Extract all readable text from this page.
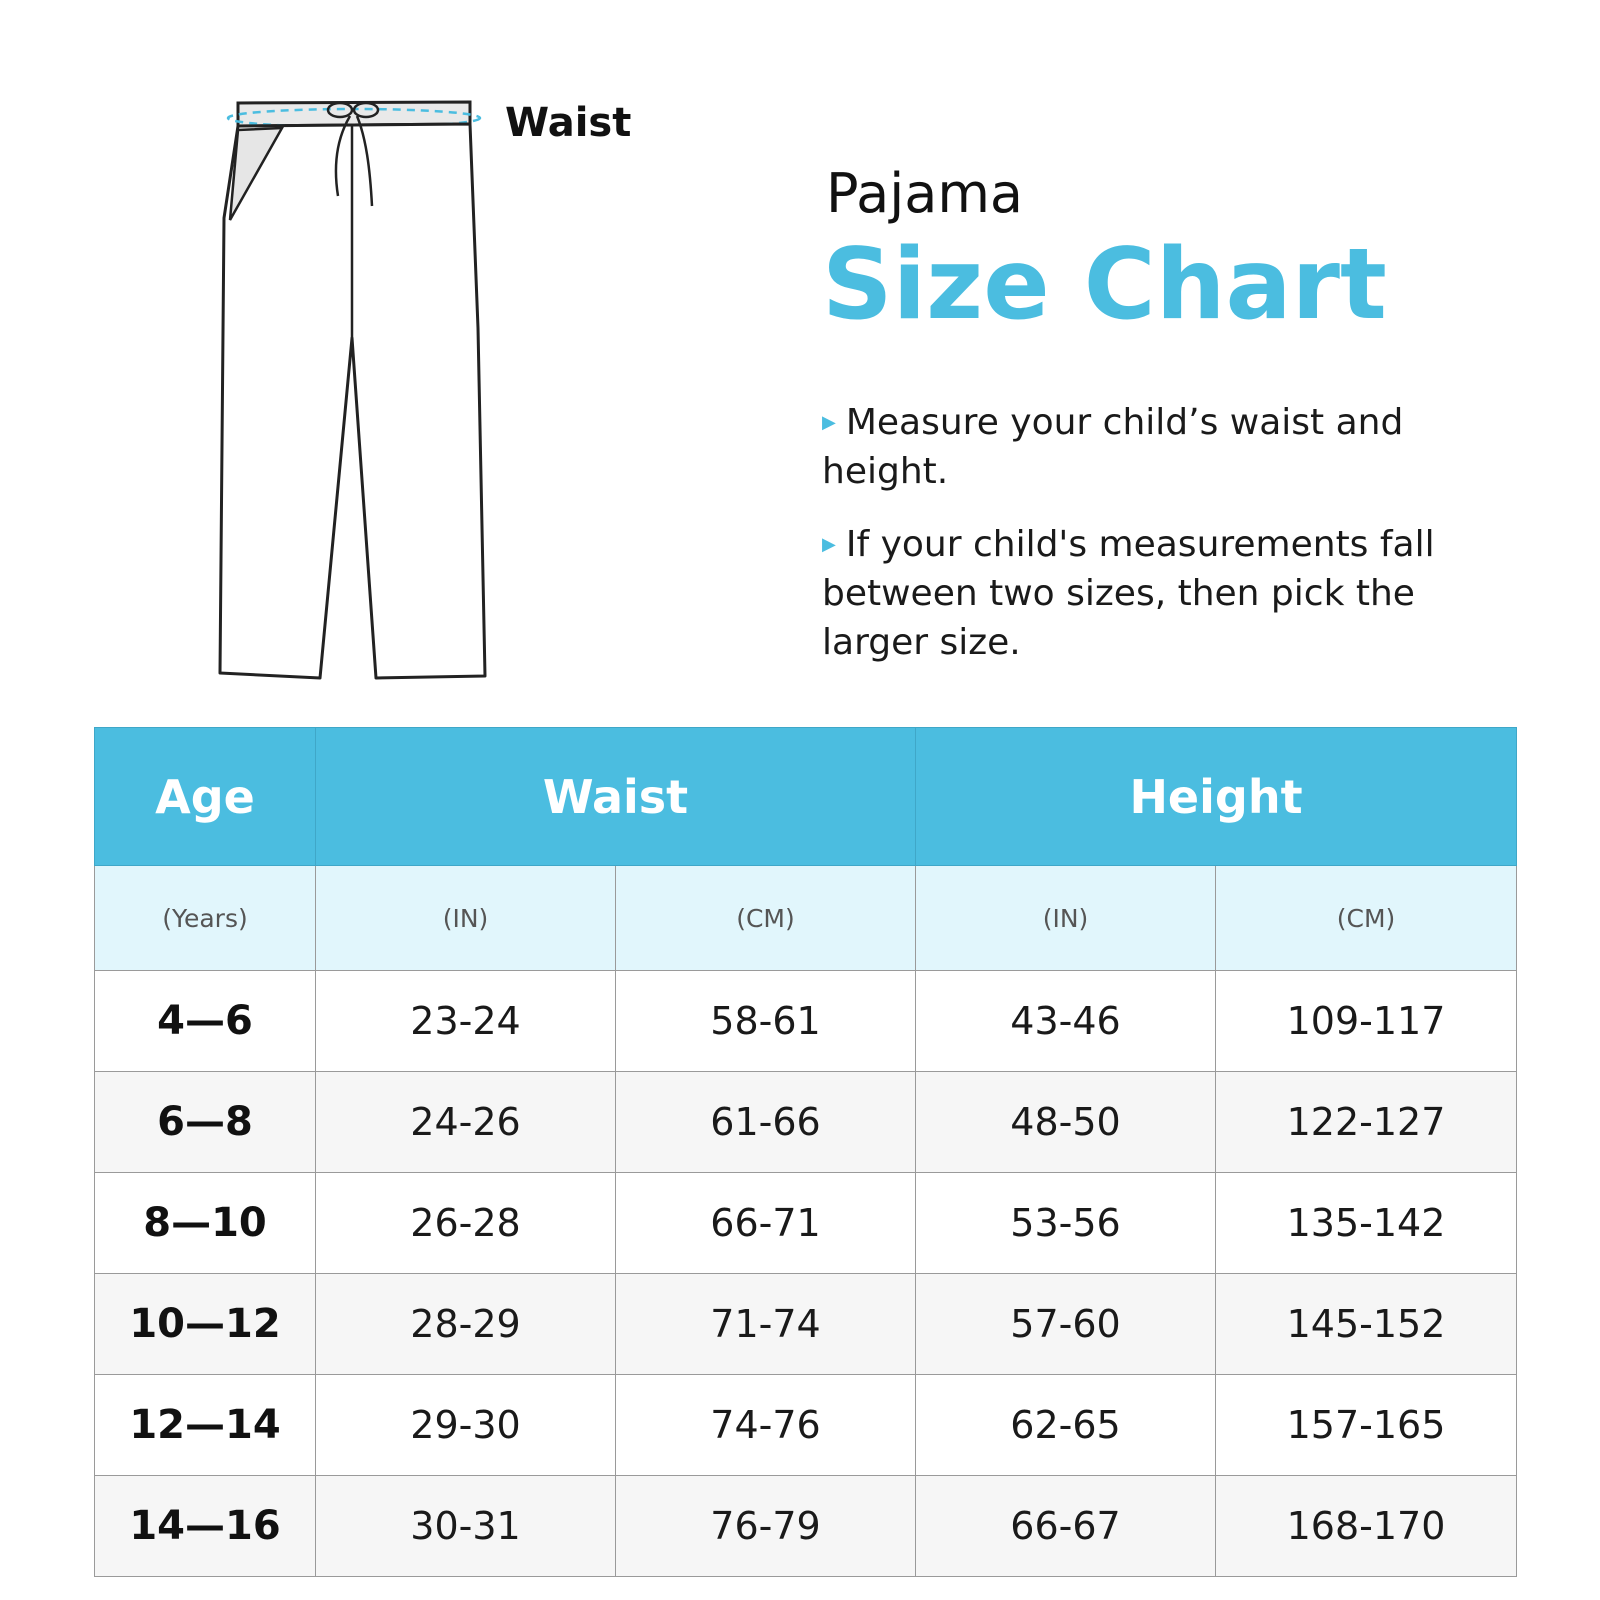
Waist
Pajama
Size Chart
▶ Measure your child’s waist and height.
▶ If your child's measurements fall between two sizes, then pick the larger size.
Age	Waist		Height	
(Years)	(IN)	(CM)	(IN)	(CM)
4—6	23-24	58-61	43-46	109-117
6—8	24-26	61-66	48-50	122-127
8—10	26-28	66-71	53-56	135-142
10—12	28-29	71-74	57-60	145-152
12—14	29-30	74-76	62-65	157-165
14—16	30-31	76-79	66-67	168-170
